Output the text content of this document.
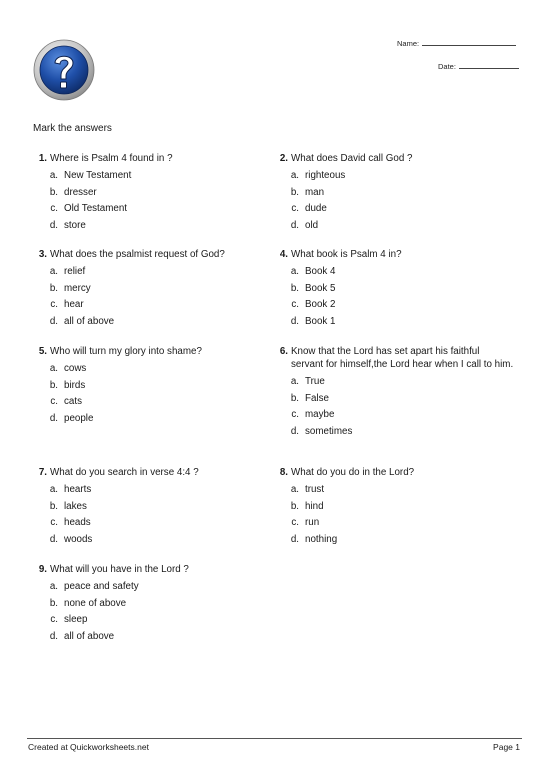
Name:
Date:
Mark the answers
1. Where is Psalm 4 found in ?
a. New Testament
b. dresser
c. Old Testament
d. store
2. What does David call God ?
a. righteous
b. man
c. dude
d. old
3. What does the psalmist request of God?
a. relief
b. mercy
c. hear
d. all of above
4. What book is Psalm 4 in?
a. Book 4
b. Book 5
c. Book 2
d. Book 1
5. Who will turn my glory into shame?
a. cows
b. birds
c. cats
d. people
6. Know that the Lord has set apart his faithful servant for himself,the Lord hear when I call to him.
a. True
b. False
c. maybe
d. sometimes
7. What do you search in verse 4:4 ?
a. hearts
b. lakes
c. heads
d. woods
8. What do you do in the Lord?
a. trust
b. hind
c. run
d. nothing
9. What will you have in the Lord ?
a. peace and safety
b. none of above
c. sleep
d. all of above
Created at Quickworksheets.net	Page 1
